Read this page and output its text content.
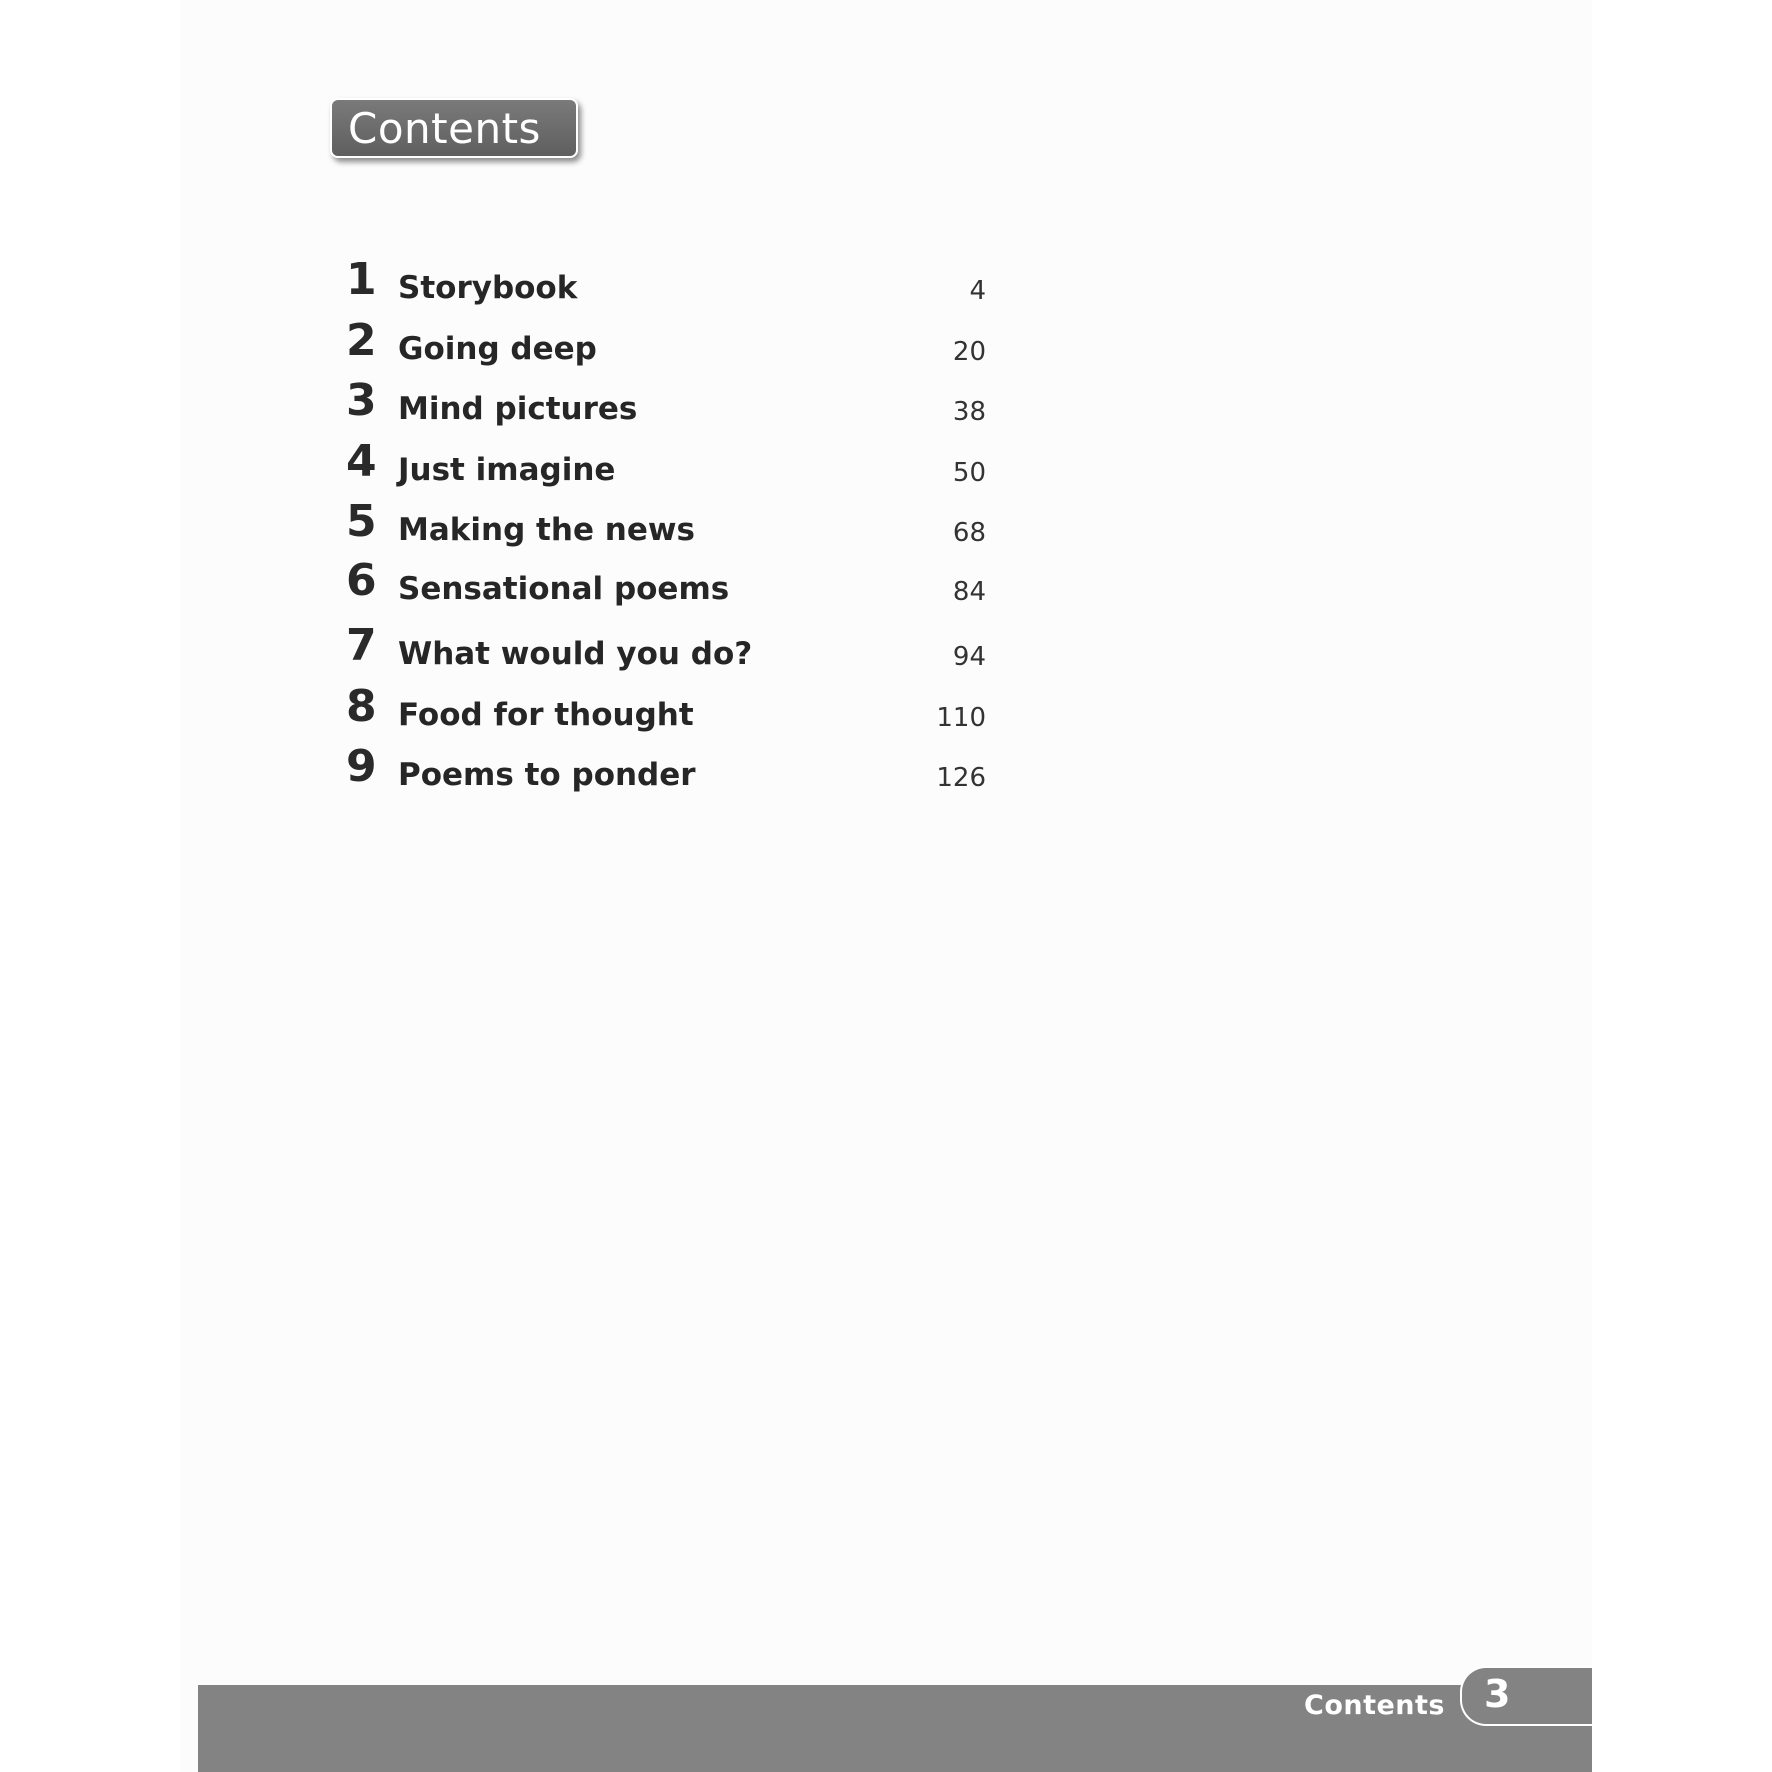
Contents
1 Storybook	4
2 Going deep	20
3 Mind pictures	38
4 Just imagine	50
5 Making the news	68
6 Sensational poems	84
7 What would you do?	94
8 Food for thought	110
9 Poems to ponder	126
Contents 3
